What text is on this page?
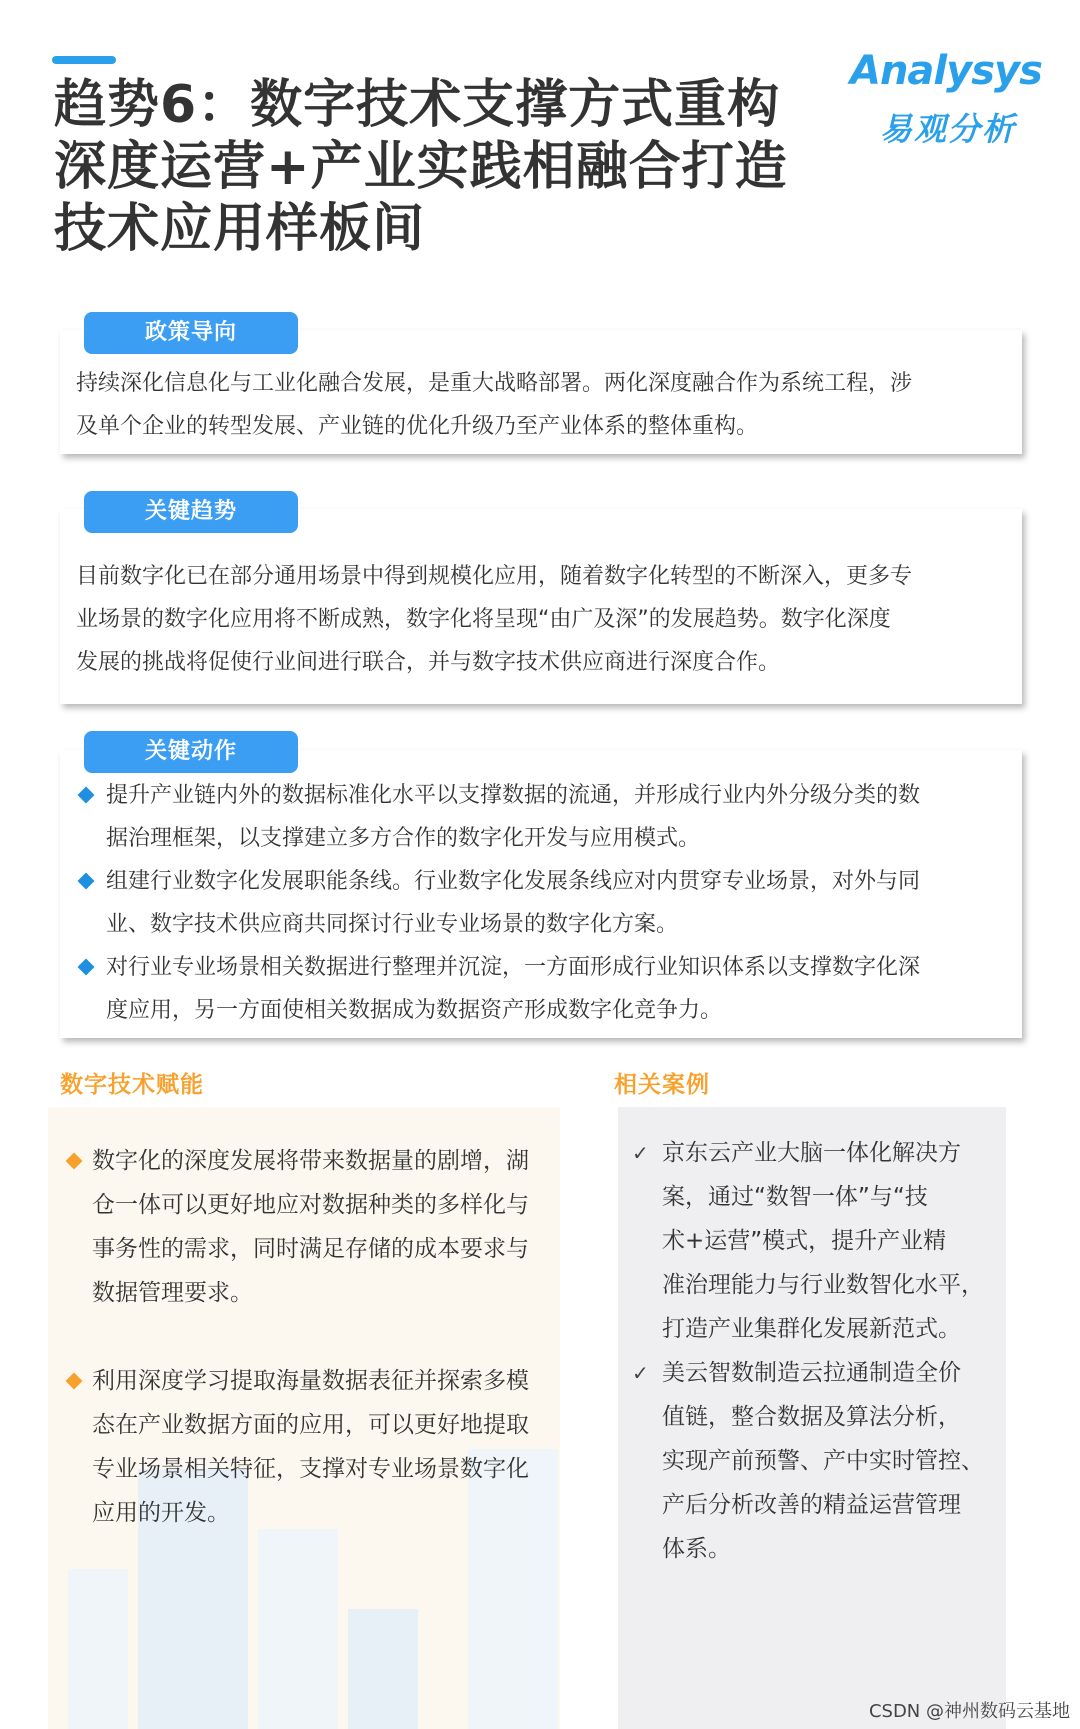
趋势6：数字技术支撑方式重构
深度运营+产业实践相融合打造
技术应用样板间
Analysys
易观分析
持续深化信息化与工业化融合发展，是重大战略部署。两化深度融合作为系统工程，涉
及单个企业的转型发展、产业链的优化升级乃至产业体系的整体重构。
政策导向
目前数字化已在部分通用场景中得到规模化应用，随着数字化转型的不断深入，更多专
业场景的数字化应用将不断成熟，数字化将呈现“由广及深”的发展趋势。数字化深度
发展的挑战将促使行业间进行联合，并与数字技术供应商进行深度合作。
关键趋势
提升产业链内外的数据标准化水平以支撑数据的流通，并形成行业内外分级分类的数
据治理框架，以支撑建立多方合作的数字化开发与应用模式。
组建行业数字化发展职能条线。行业数字化发展条线应对内贯穿专业场景，对外与同
业、数字技术供应商共同探讨行业专业场景的数字化方案。
对行业专业场景相关数据进行整理并沉淀，一方面形成行业知识体系以支撑数字化深
度应用，另一方面使相关数据成为数据资产形成数字化竞争力。
关键动作
数字技术赋能
数字化的深度发展将带来数据量的剧增，湖
仓一体可以更好地应对数据种类的多样化与
事务性的需求，同时满足存储的成本要求与
数据管理要求。
利用深度学习提取海量数据表征并探索多模
态在产业数据方面的应用，可以更好地提取
专业场景相关特征，支撑对专业场景数字化
应用的开发。
相关案例
✓ 京东云产业大脑一体化解决方
案，通过“数智一体”与“技
术+运营”模式，提升产业精
准治理能力与行业数智化水平，
打造产业集群化发展新范式。
✓ 美云智数制造云拉通制造全价
值链，整合数据及算法分析，
实现产前预警、产中实时管控、
产后分析改善的精益运营管理
体系。
CSDN @神州数码云基地
